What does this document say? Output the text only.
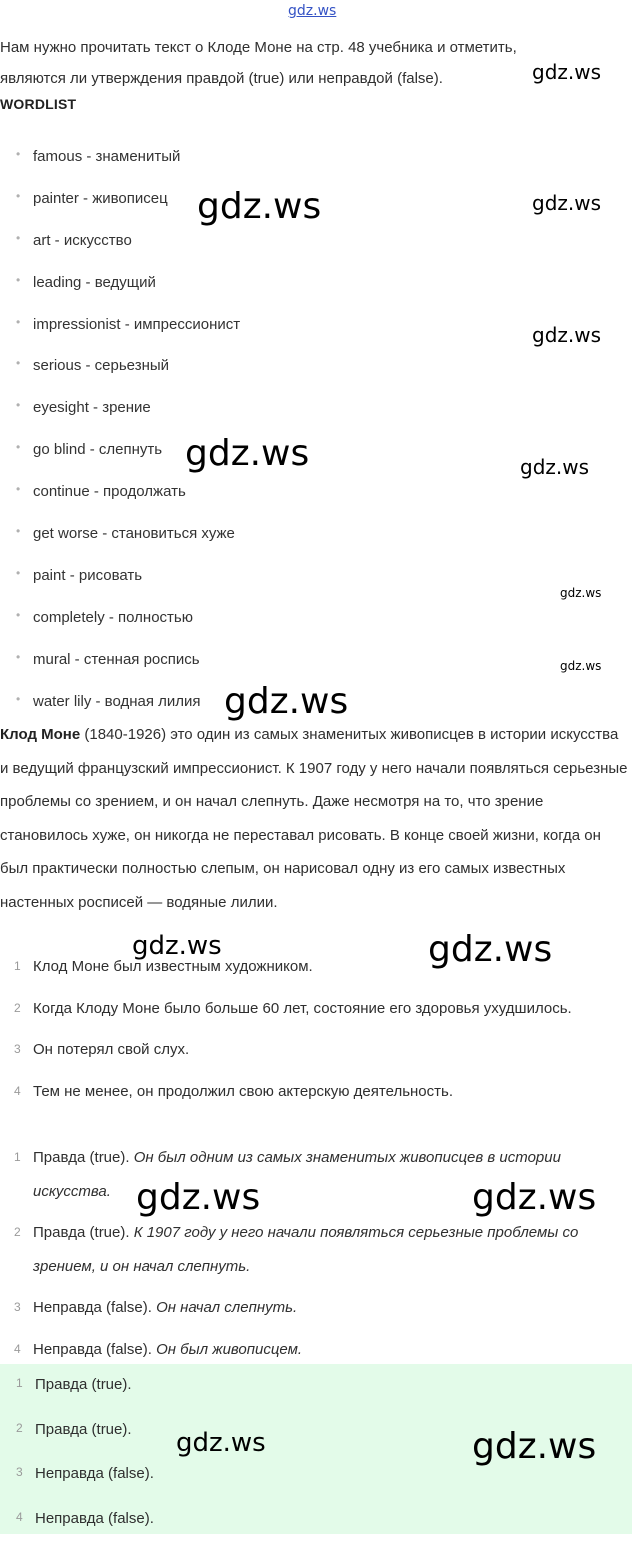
gdz.ws
Нам нужно прочитать текст о Клоде Моне на стр. 48 учебника и отметить,
являются ли утверждения правдой (true) или неправдой (false).
WORDLIST
• famous - знаменитый
• painter - живописец
• art - искусство
• leading - ведущий
• impressionist - импрессионист
• serious - серьезный
• eyesight - зрение
• go blind - слепнуть
• continue - продолжать
• get worse - становиться хуже
• paint - рисовать
• completely - полностью
• mural - стенная роспись
• water lily - водная лилия
Клод Моне (1840-1926) это один из самых знаменитых живописцев в истории искусства и ведущий французский импрессионист. К 1907 году у него начали появляться серьезные проблемы со зрением, и он начал слепнуть. Даже несмотря на то, что зрение становилось хуже, он никогда не переставал рисовать. В конце своей жизни, когда он был практически полностью слепым, он нарисовал одну из его самых известных настенных росписей — водяные лилии.
1 Клод Моне был известным художником.
2 Когда Клоду Моне было больше 60 лет, состояние его здоровья ухудшилось.
3 Он потерял свой слух.
4 Тем не менее, он продолжил свою актерскую деятельность.
1 Правда (true). Он был одним из самых знаменитых живописцев в истории искусства.
2 Правда (true). К 1907 году у него начали появляться серьезные проблемы со зрением, и он начал слепнуть.
3 Неправда (false). Он начал слепнуть.
4 Неправда (false). Он был живописцем.
1 Правда (true).
2 Правда (true).
3 Неправда (false).
4 Неправда (false).
gdz.ws
gdz.ws
gdz.ws
gdz.ws
gdz.ws	gdz.ws
gdz.ws
gdz.ws
gdz.ws
gdz.ws	gdz.ws
gdz.ws	gdz.ws
gdz.ws	gdz.ws
